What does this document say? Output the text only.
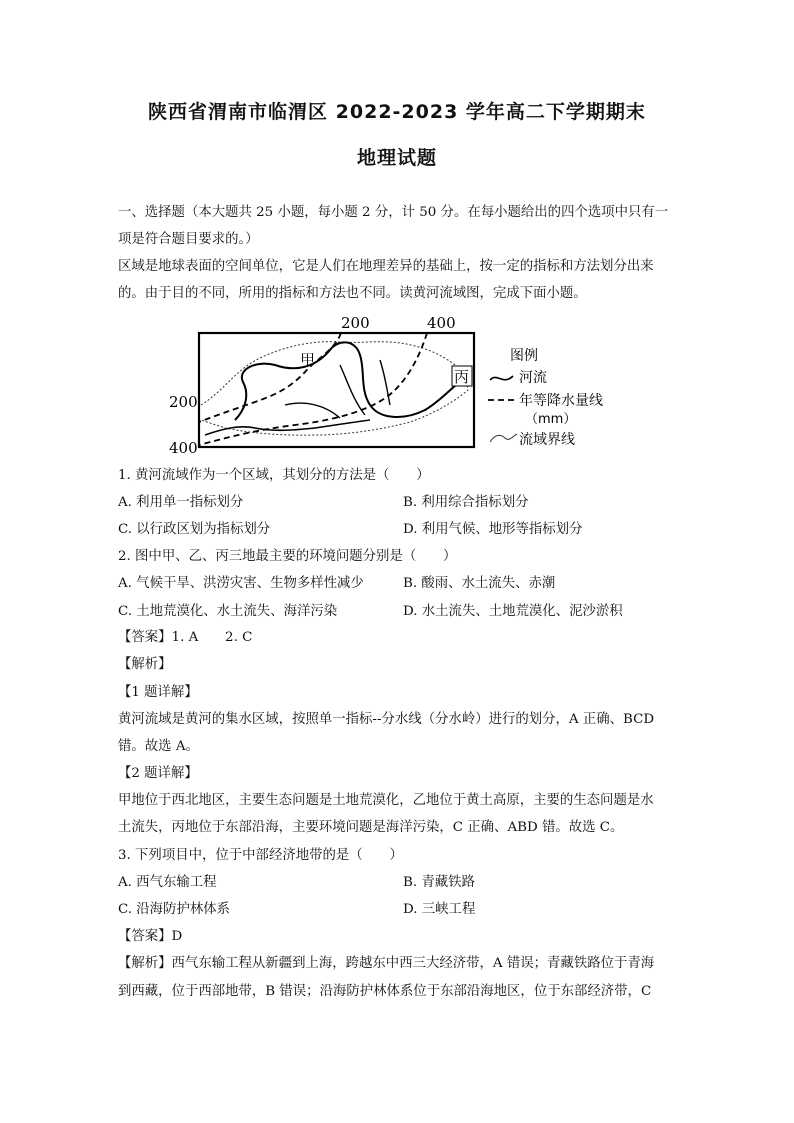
陕西省渭南市临渭区 2022-2023 学年高二下学期期末
地理试题
一、选择题（本大题共 25 小题，每小题 2 分，计 50 分。在每小题给出的四个选项中只有一
项是符合题目要求的。）
区域是地球表面的空间单位，它是人们在地理差异的基础上，按一定的指标和方法划分出来
的。由于目的不同，所用的指标和方法也不同。读黄河流域图，完成下面小题。
200	400
200
400
甲
丙
图例
河流
年等降水量线
（mm）
流域界线
1. 黄河流域作为一个区域，其划分的方法是（　　）
A. 利用单一指标划分	B. 利用综合指标划分
C. 以行政区划为指标划分	D. 利用气候、地形等指标划分
2. 图中甲、乙、丙三地最主要的环境问题分别是（　　）
A. 气候干旱、洪涝灾害、生物多样性减少	B. 酸雨、水土流失、赤潮
C. 土地荒漠化、水土流失、海洋污染	D. 水土流失、土地荒漠化、泥沙淤积
【答案】1. A　　2. C
【解析】
【1 题详解】
黄河流域是黄河的集水区域，按照单一指标--分水线（分水岭）进行的划分，A 正确、BCD
错。故选 A。
【2 题详解】
甲地位于西北地区，主要生态问题是土地荒漠化，乙地位于黄土高原，主要的生态问题是水
土流失，丙地位于东部沿海，主要环境问题是海洋污染，C 正确、ABD 错。故选 C。
3. 下列项目中，位于中部经济地带的是（　　）
A. 西气东输工程	B. 青藏铁路
C. 沿海防护林体系	D. 三峡工程
【答案】D
【解析】西气东输工程从新疆到上海，跨越东中西三大经济带，A 错误；青藏铁路位于青海
到西藏，位于西部地带，B 错误；沿海防护林体系位于东部沿海地区，位于东部经济带，C
